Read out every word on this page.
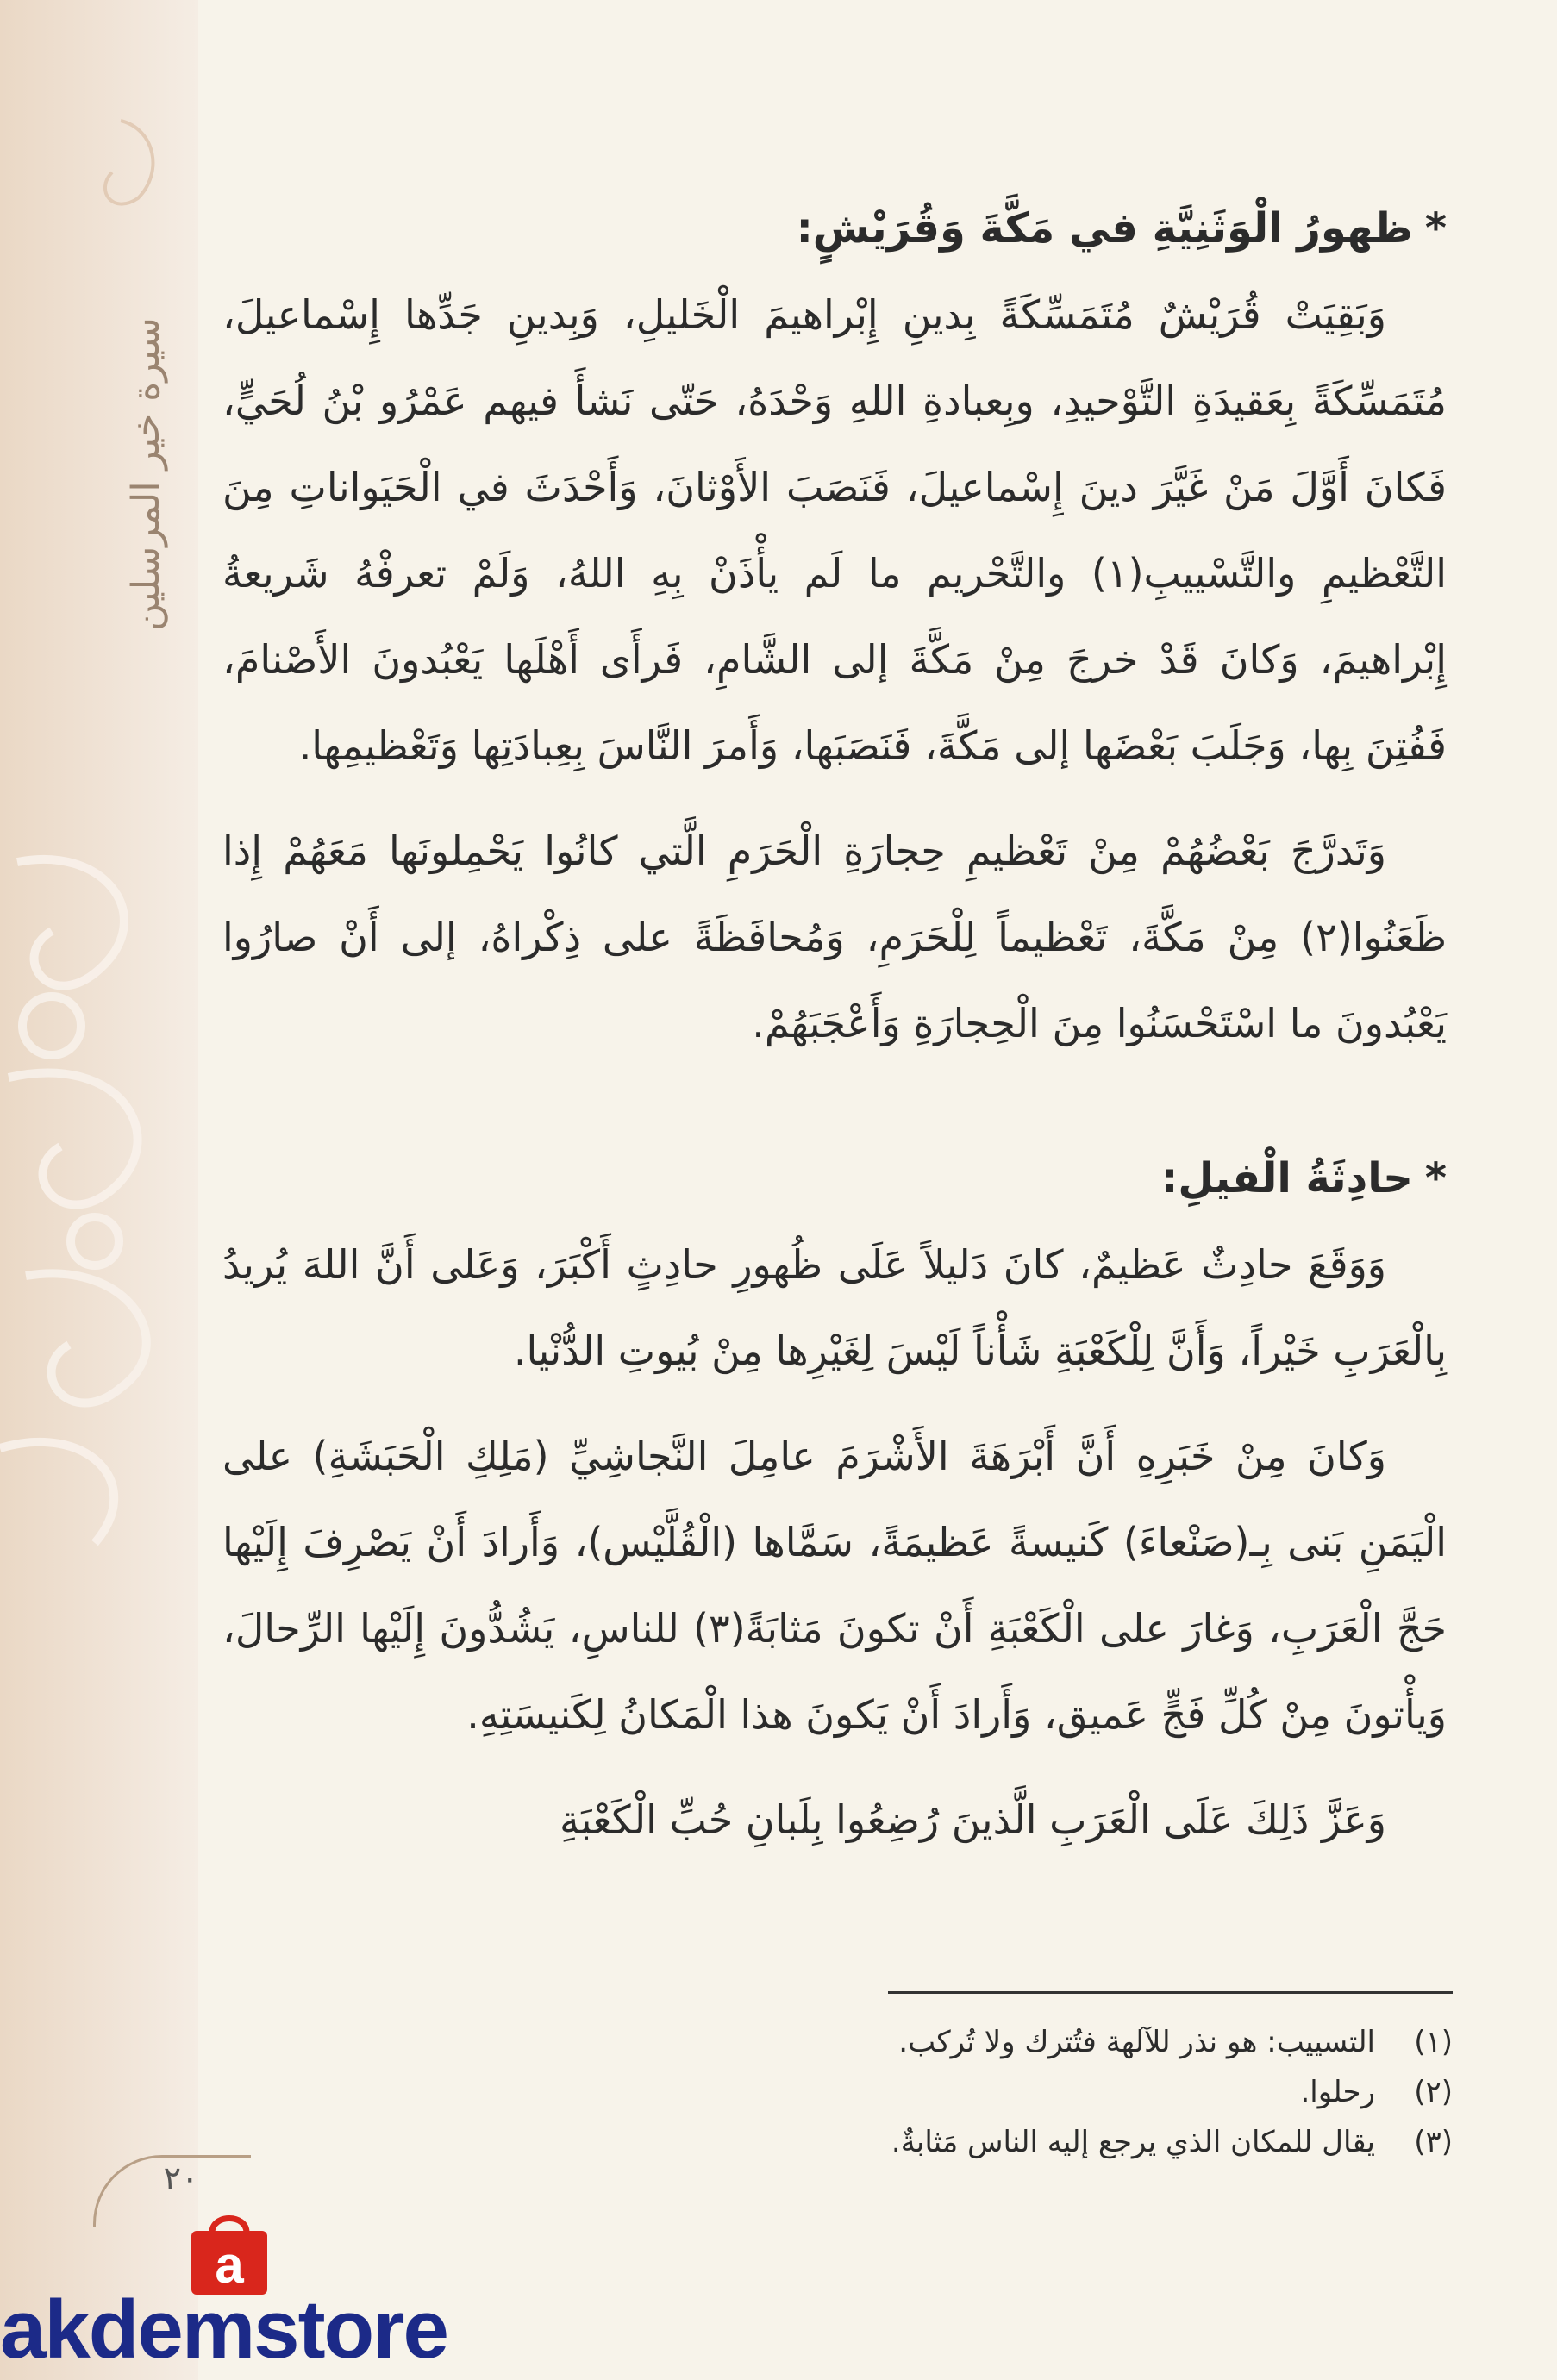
سيرة خير المرسلين
*ظهورُ الْوَثَنِيَّةِ في مَكَّةَ وَقُرَيْشٍ:

وَبَقِيَتْ قُرَيْشٌ مُتَمَسِّكَةً بِدينِ إِبْراهيمَ الْخَليلِ، وَبِدينِ جَدِّها إِسْماعيلَ، مُتَمَسِّكَةً بِعَقيدَةِ التَّوْحيدِ، وبِعبادةِ اللهِ وَحْدَهُ، حَتّى نَشأَ فيهم عَمْرُو بْنُ لُحَيٍّ، فَكانَ أَوَّلَ مَنْ غَيَّرَ دينَ إِسْماعيلَ، فَنَصَبَ الأَوْثانَ، وَأَحْدَثَ في الْحَيَواناتِ مِنَ التَّعْظيمِ والتَّسْييبِ(١) والتَّحْريم ما لَم يأْذَنْ بِهِ اللهُ، وَلَمْ تعرفْهُ شَريعةُ إِبْراهيمَ، وَكانَ قَدْ خرجَ مِنْ مَكَّةَ إلى الشَّامِ، فَرأَى أَهْلَها يَعْبُدونَ الأَصْنامَ، فَفُتِنَ بِها، وَجَلَبَ بَعْضَها إلى مَكَّةَ، فَنَصَبَها، وَأَمرَ النَّاسَ بِعِبادَتِها وَتَعْظيمِها.

وَتَدرَّجَ بَعْضُهُمْ مِنْ تَعْظيمِ حِجارَةِ الْحَرَمِ الَّتي كانُوا يَحْمِلونَها مَعَهُمْ إِذا ظَعَنُوا(٢) مِنْ مَكَّةَ، تَعْظيماً لِلْحَرَمِ، وَمُحافَظَةً على ذِكْراهُ، إلى أَنْ صارُوا يَعْبُدونَ ما اسْتَحْسَنُوا مِنَ الْحِجارَةِ وَأَعْجَبَهُمْ.

*حادِثَةُ الْفيلِ:

وَوَقَعَ حادِثٌ عَظيمٌ، كانَ دَليلاً عَلَى ظُهورِ حادِثٍ أَكْبَرَ، وَعَلى أَنَّ اللهَ يُريدُ بِالْعَرَبِ خَيْراً، وَأَنَّ لِلْكَعْبَةِ شَأْناً لَيْسَ لِغَيْرِها مِنْ بُيوتِ الدُّنْيا.

وَكانَ مِنْ خَبَرِهِ أَنَّ أَبْرَهَةَ الأَشْرَمَ عامِلَ النَّجاشِيِّ (مَلِكِ الْحَبَشَةِ) على الْيَمَنِ بَنى بِـ(صَنْعاءَ) كَنيسةً عَظيمَةً، سَمَّاها (الْقُلَّيْس)، وَأَرادَ أَنْ يَصْرِفَ إِلَيْها حَجَّ الْعَرَبِ، وَغارَ على الْكَعْبَةِ أَنْ تكونَ مَثابَةً(٣) للناسِ، يَشُدُّونَ إِلَيْها الرِّحالَ، وَيأْتونَ مِنْ كُلِّ فَجٍّ عَميق، وَأَرادَ أَنْ يَكونَ هذا الْمَكانُ لِكَنيسَتِهِ.

وَعَزَّ ذَلِكَ عَلَى الْعَرَبِ الَّذينَ رُضِعُوا بِلَبانِ حُبِّ الْكَعْبَةِ

(١)التسييب: هو نذر للآلهة فتُترك ولا تُركب.
(٢)رحلوا.
(٣)يقال للمكان الذي يرجع إليه الناس مَثابةٌ.
٢٠
a
akdemstore
